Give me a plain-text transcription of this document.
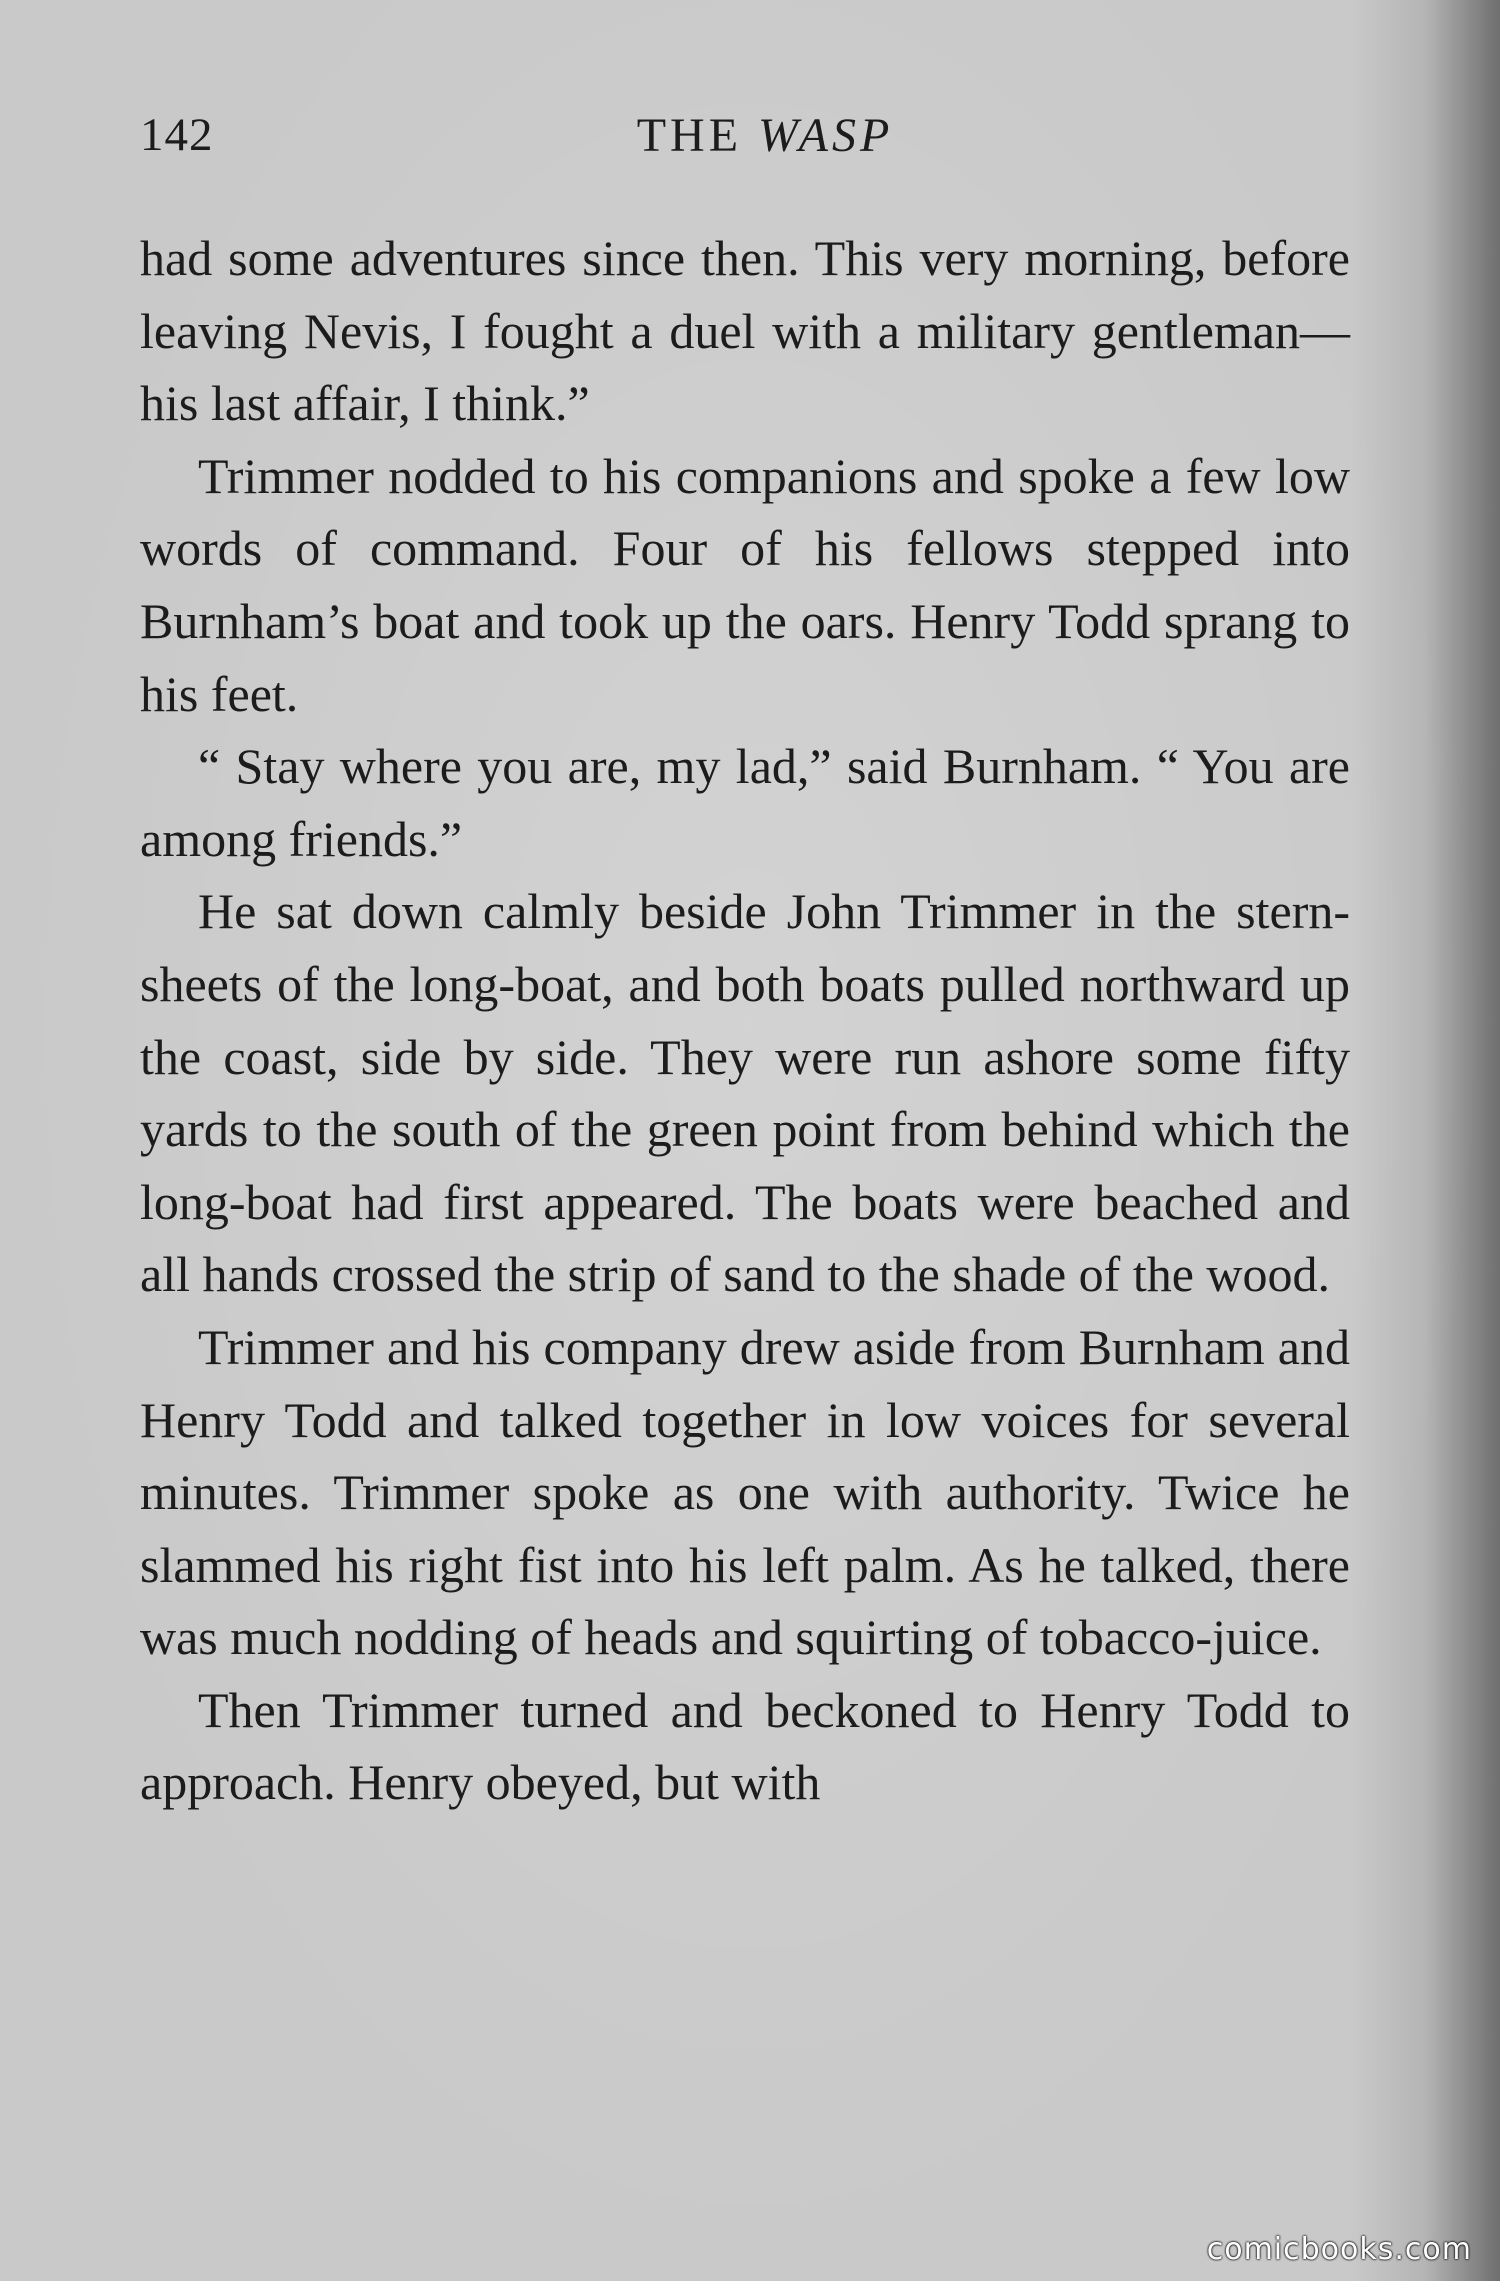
142	THE WASP

had some adventures since then. This very morning, before leaving Nevis, I fought a duel with a military gentleman—his last affair, I think.”

Trimmer nodded to his companions and spoke a few low words of command. Four of his fellows stepped into Burnham’s boat and took up the oars. Henry Todd sprang to his feet.

“ Stay where you are, my lad,” said Burnham. “ You are among friends.”

He sat down calmly beside John Trimmer in the stern-sheets of the long-boat, and both boats pulled northward up the coast, side by side. They were run ashore some fifty yards to the south of the green point from behind which the long-boat had first appeared. The boats were beached and all hands crossed the strip of sand to the shade of the wood.

Trimmer and his company drew aside from Burnham and Henry Todd and talked together in low voices for several minutes. Trimmer spoke as one with authority. Twice he slammed his right fist into his left palm. As he talked, there was much nodding of heads and squirting of tobacco-juice.

Then Trimmer turned and beckoned to Henry Todd to approach. Henry obeyed, but with

comicbooks.com
